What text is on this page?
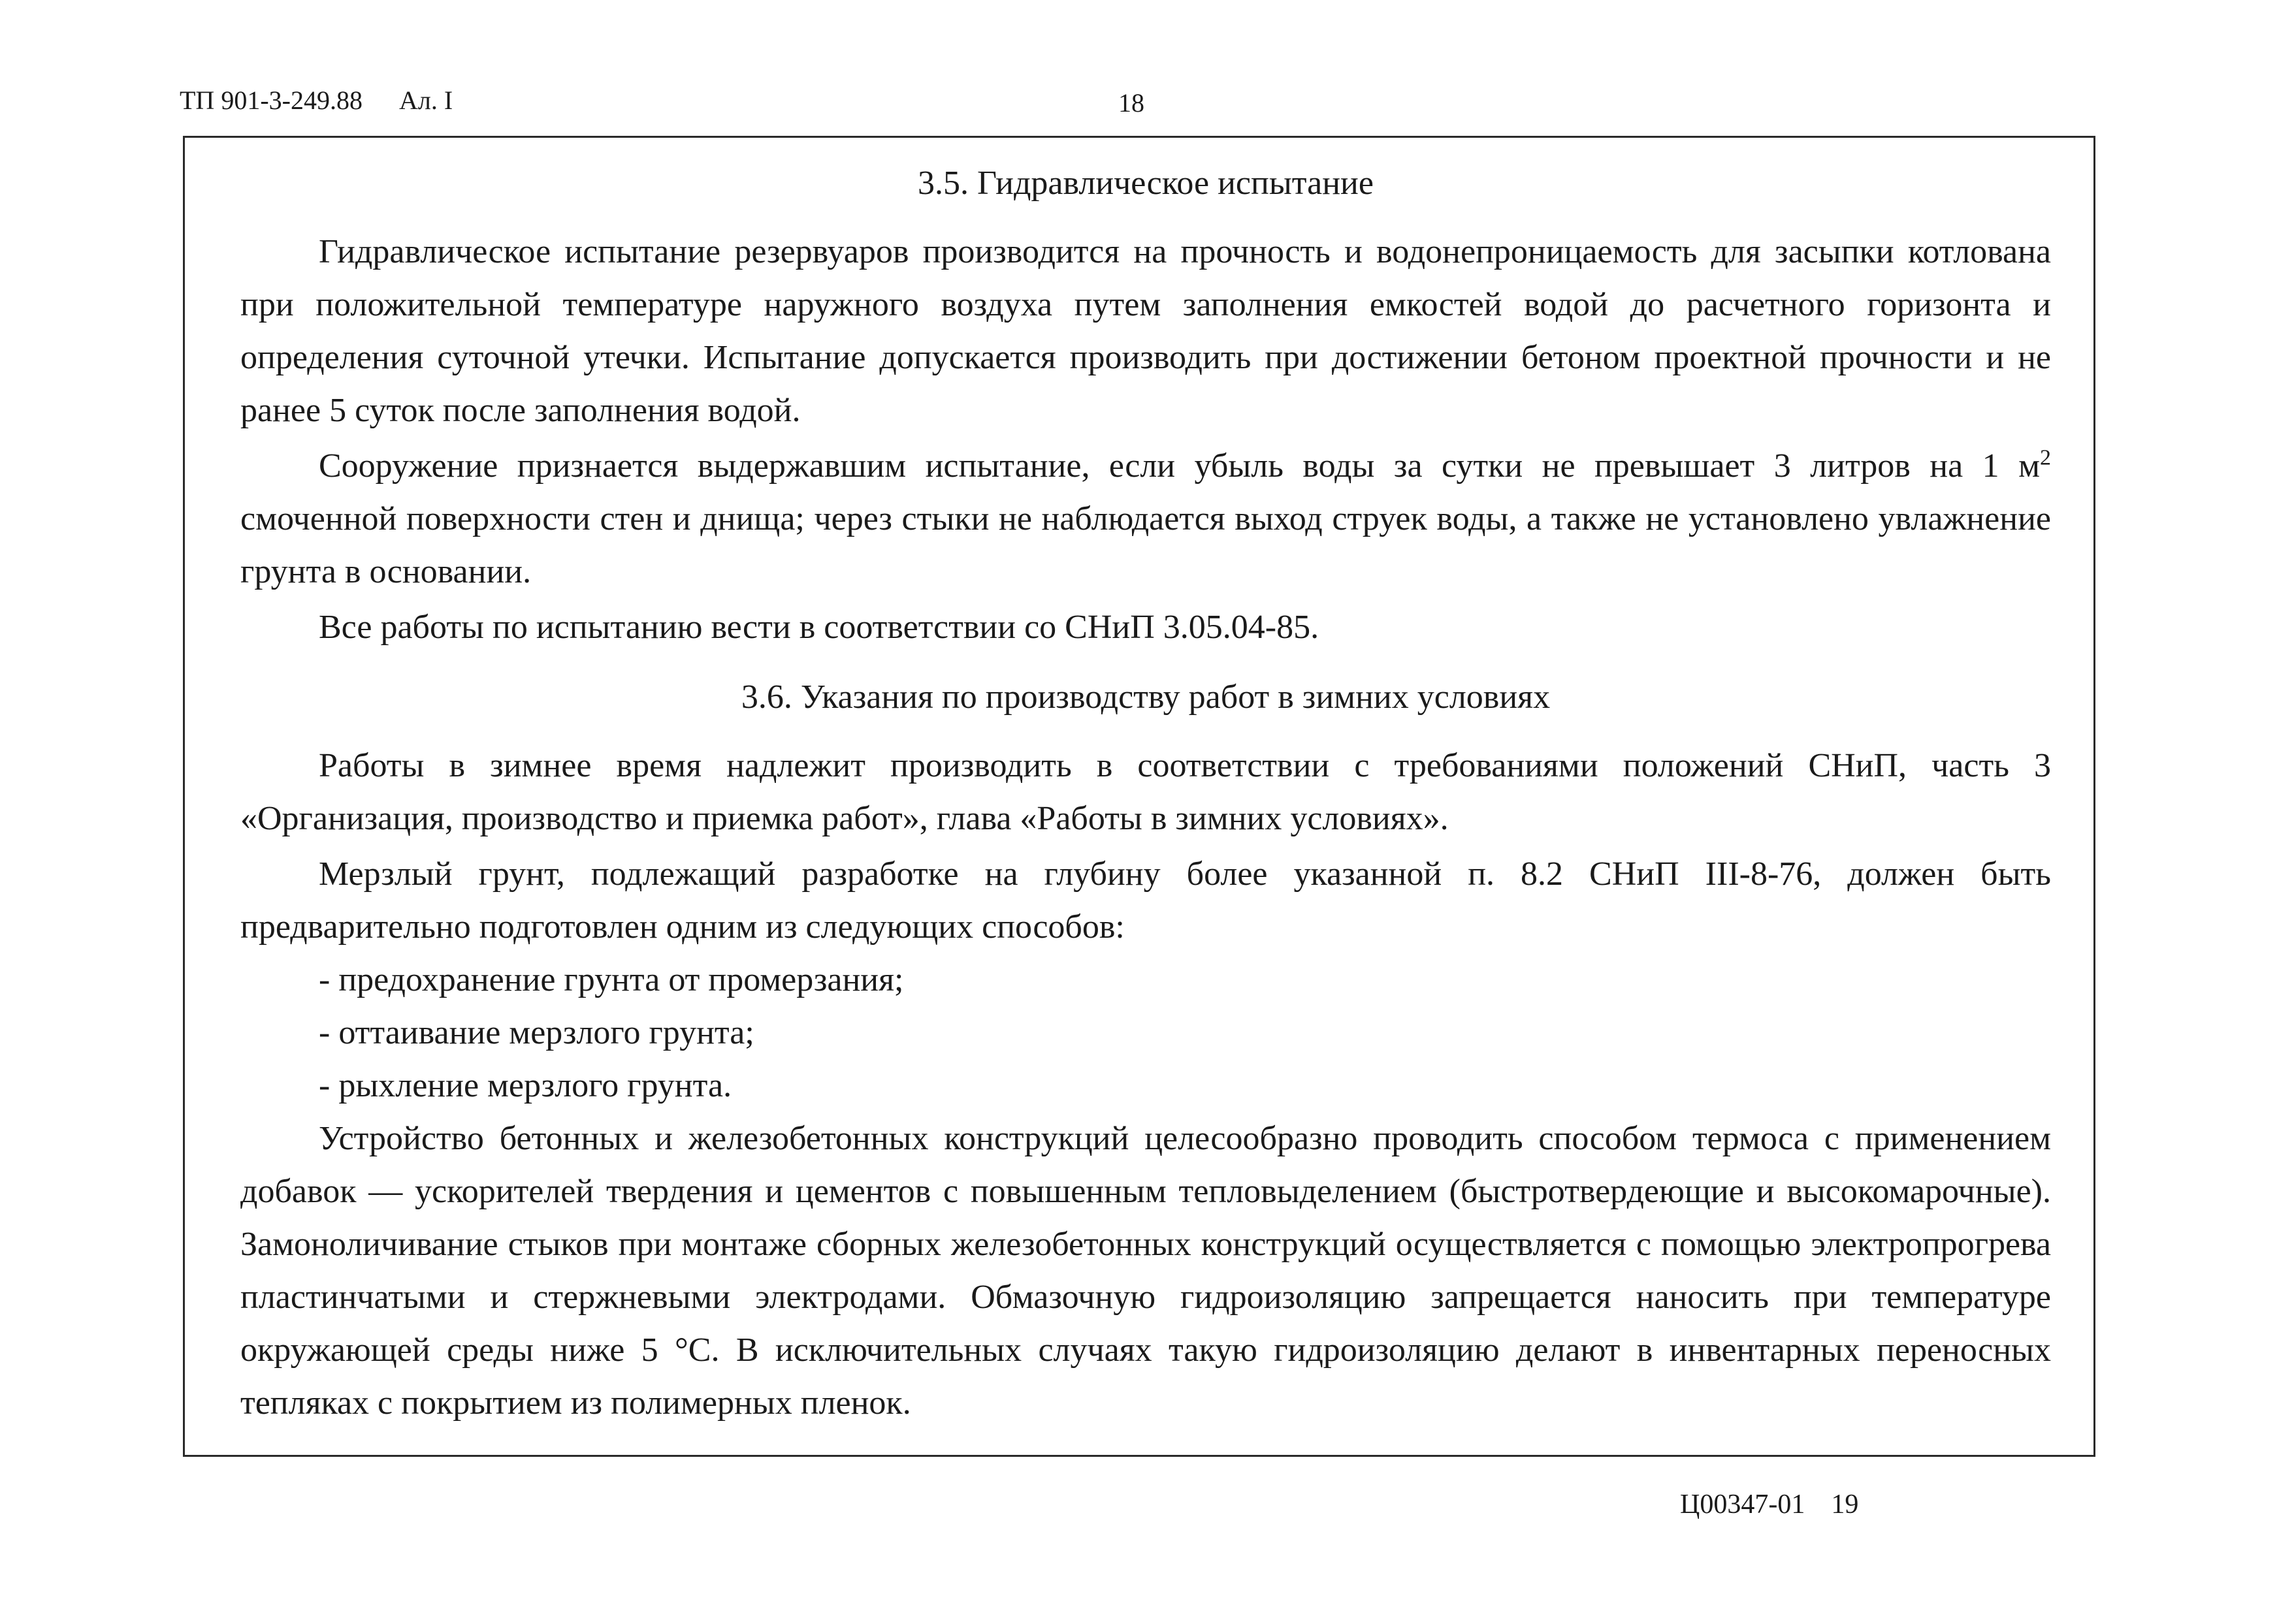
ТП 901-3-249.88 Ал. I	18
3.5. Гидравлическое испытание

Гидравлическое испытание резервуаров производится на прочность и водонепроницаемость для засыпки котлована при положительной температуре наружного воздуха путем заполнения емкостей водой до расчетного горизонта и определения суточной утечки. Испытание допускается производить при достижении бетоном проектной прочности и не ранее 5 суток после заполнения водой.

Сооружение признается выдержавшим испытание, если убыль воды за сутки не превышает 3 литров на 1 $м^2$ смоченной поверхности стен и днища; через стыки не наблюдается выход струек воды, а также не установлено увлажнение грунта в основании.

Все работы по испытанию вести в соответствии со СНиП 3.05.04-85.

3.6. Указания по производству работ в зимних условиях

Работы в зимнее время надлежит производить в соответствии с требованиями положений СНиП, часть 3 «Организация, производство и приемка работ», глава «Работы в зимних условиях».

Мерзлый грунт, подлежащий разработке на глубину более указанной п. 8.2 СНиП III-8-76, должен быть предварительно подготовлен одним из следующих способов:

- предохранение грунта от промерзания;

- оттаивание мерзлого грунта;

- рыхление мерзлого грунта.

Устройство бетонных и железобетонных конструкций целесообразно проводить способом термоса с применением добавок — ускорителей твердения и цементов с повышенным тепловыделением (быстротвердеющие и высокомарочные). Замоноличивание стыков при монтаже сборных железобетонных конструкций осуществляется с помощью электропрогрева пластинчатыми и стержневыми электродами. Обмазочную гидроизоляцию запрещается наносить при температуре окружающей среды ниже 5 °С. В исключительных случаях такую гидроизоляцию делают в инвентарных переносных тепляках с покрытием из полимерных пленок.

Ц00347-01 19
